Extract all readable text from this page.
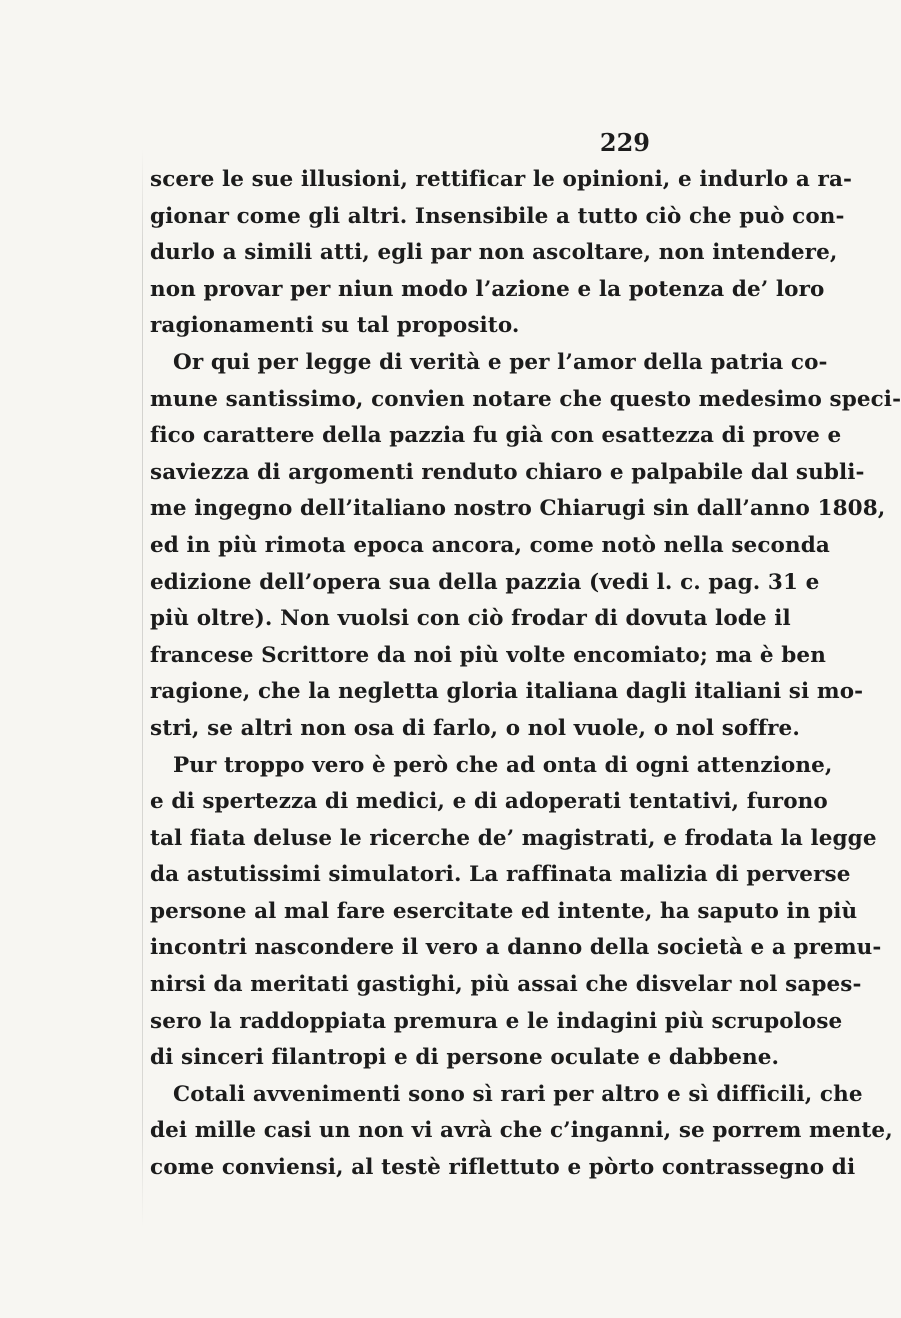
229
scere le sue illusioni, rettificar le opinioni, e indurlo a ra-
gionar come gli altri. Insensibile a tutto ciò che può con-
durlo a simili atti, egli par non ascoltare, non intendere,
non provar per niun modo l’azione e la potenza de’ loro
ragionamenti su tal proposito.
Or qui per legge di verità e per l’amor della patria co-
mune santissimo, convien notare che questo medesimo speci-
fico carattere della pazzia fu già con esattezza di prove e
saviezza di argomenti renduto chiaro e palpabile dal subli-
me ingegno dell’italiano nostro Chiarugi sin dall’anno 1808,
ed in più rimota epoca ancora, come notò nella seconda
edizione dell’opera sua della pazzia (vedi l. c. pag. 31 e
più oltre). Non vuolsi con ciò frodar di dovuta lode il
francese Scrittore da noi più volte encomiato; ma è ben
ragione, che la negletta gloria italiana dagli italiani si mo-
stri, se altri non osa di farlo, o nol vuole, o nol soffre.
Pur troppo vero è però che ad onta di ogni attenzione,
e di spertezza di medici, e di adoperati tentativi, furono
tal fiata deluse le ricerche de’ magistrati, e frodata la legge
da astutissimi simulatori. La raffinata malizia di perverse
persone al mal fare esercitate ed intente, ha saputo in più
incontri nascondere il vero a danno della società e a premu-
nirsi da meritati gastighi, più assai che disvelar nol sapes-
sero la raddoppiata premura e le indagini più scrupolose
di sinceri filantropi e di persone oculate e dabbene.
Cotali avvenimenti sono sì rari per altro e sì difficili, che
dei mille casi un non vi avrà che c’inganni, se porrem mente,
come conviensi, al testè riflettuto e pòrto contrassegno di
